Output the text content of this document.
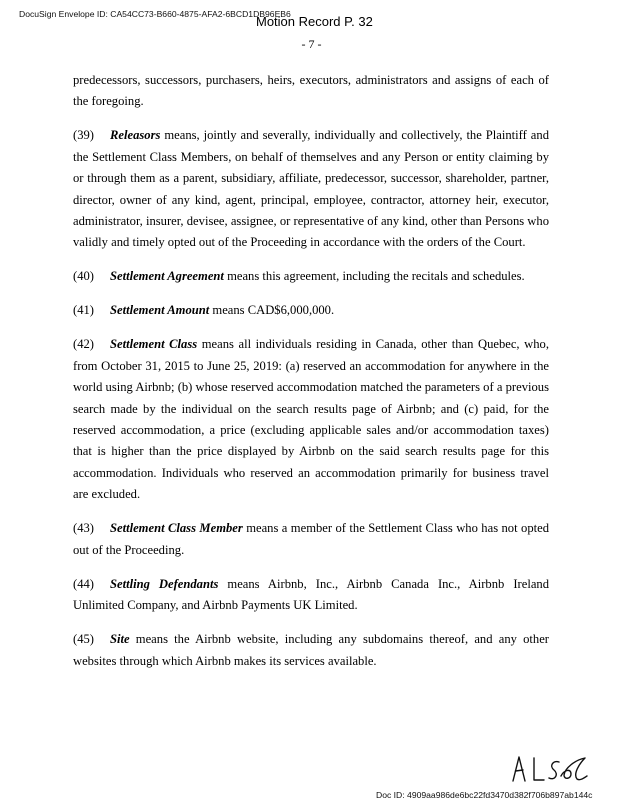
DocuSign Envelope ID: CA54CC73-B660-4875-AFA2-6BCD1DB96EB6
Motion Record P. 32
- 7 -

predecessors, successors, purchasers, heirs, executors, administrators and assigns of each of the foregoing.

(39) Releasors means, jointly and severally, individually and collectively, the Plaintiff and the Settlement Class Members, on behalf of themselves and any Person or entity claiming by or through them as a parent, subsidiary, affiliate, predecessor, successor, shareholder, partner, director, owner of any kind, agent, principal, employee, contractor, attorney heir, executor, administrator, insurer, devisee, assignee, or representative of any kind, other than Persons who validly and timely opted out of the Proceeding in accordance with the orders of the Court.

(40) Settlement Agreement means this agreement, including the recitals and schedules.

(41) Settlement Amount means CAD$6,000,000.

(42) Settlement Class means all individuals residing in Canada, other than Quebec, who, from October 31, 2015 to June 25, 2019: (a) reserved an accommodation for anywhere in the world using Airbnb; (b) whose reserved accommodation matched the parameters of a previous search made by the individual on the search results page of Airbnb; and (c) paid, for the reserved accommodation, a price (excluding applicable sales and/or accommodation taxes) that is higher than the price displayed by Airbnb on the said search results page for this accommodation. Individuals who reserved an accommodation primarily for business travel are excluded.

(43) Settlement Class Member means a member of the Settlement Class who has not opted out of the Proceeding.

(44) Settling Defendants means Airbnb, Inc., Airbnb Canada Inc., Airbnb Ireland Unlimited Company, and Airbnb Payments UK Limited.

(45) Site means the Airbnb website, including any subdomains thereof, and any other websites through which Airbnb makes its services available.

Doc ID: 4909aa986de6bc22fd3470d382f706b897ab144c
